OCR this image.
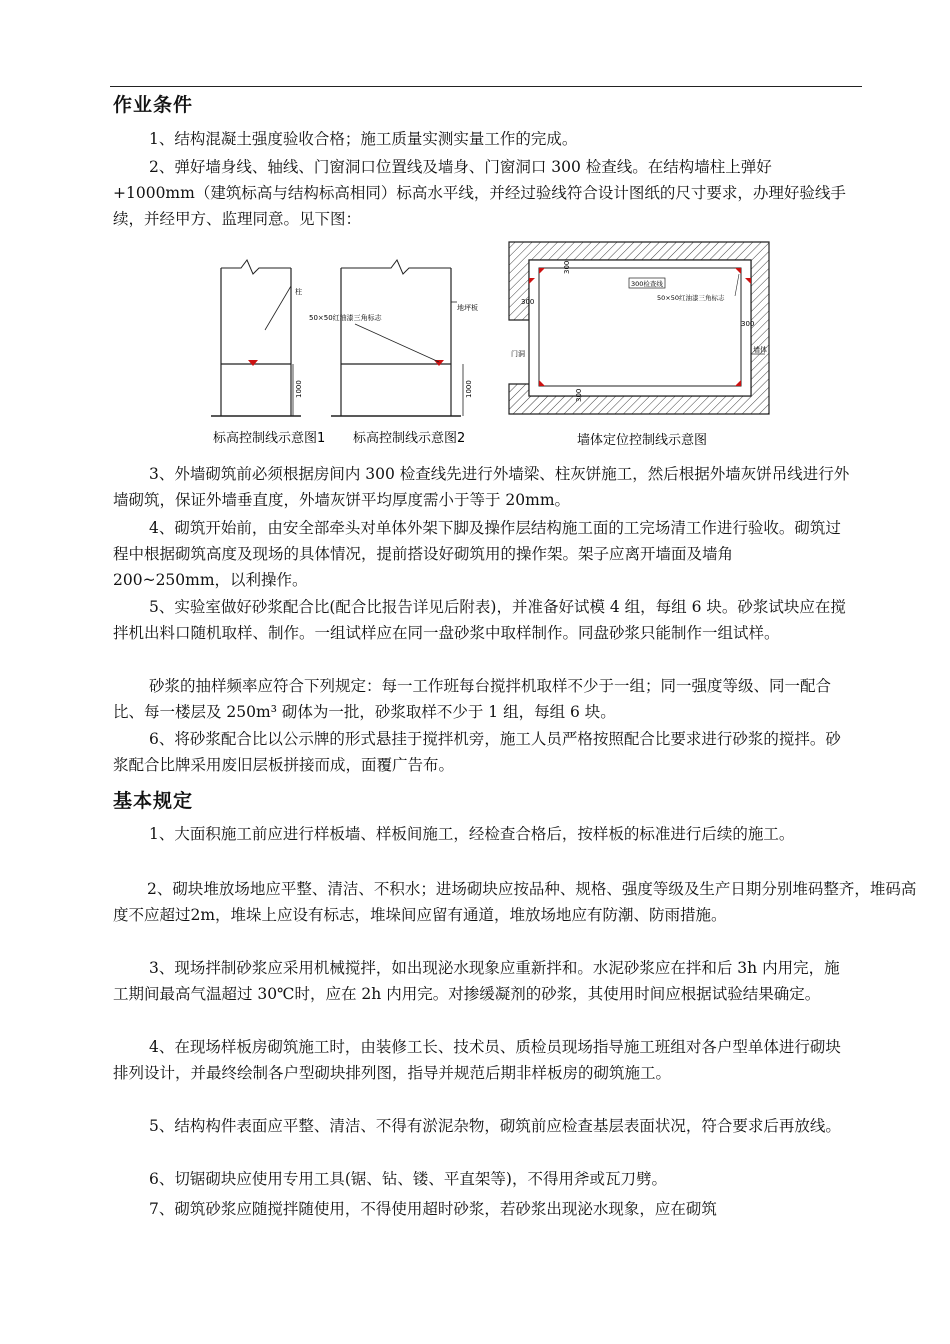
作业条件

1、结构混凝土强度验收合格；施工质量实测实量工作的完成。

2、弹好墙身线、轴线、门窗洞口位置线及墙身、门窗洞口 300 检查线。在结构墙柱上弹好+1000mm（建筑标高与结构标高相同）标高水平线，并经过验线符合设计图纸的尺寸要求，办理好验线手续，并经甲方、监理同意。见下图：

柱
1000
标高控制线示意图1
50×50红油漆三角标志
地坪板
1000
标高控制线示意图2
300
300
300
300
300检查线
50×50红油漆三角标志
门洞	墙体
墙体定位控制线示意图

3、外墙砌筑前必须根据房间内 300 检查线先进行外墙梁、柱灰饼施工，然后根据外墙灰饼吊线进行外墙砌筑，保证外墙垂直度，外墙灰饼平均厚度需小于等于 20mm。

4、砌筑开始前，由安全部牵头对单体外架下脚及操作层结构施工面的工完场清工作进行验收。砌筑过程中根据砌筑高度及现场的具体情况，提前搭设好砌筑用的操作架。架子应离开墙面及墙角 200~250mm，以利操作。

5、实验室做好砂浆配合比(配合比报告详见后附表)，并准备好试模 4 组，每组 6 块。砂浆试块应在搅拌机出料口随机取样、制作。一组试样应在同一盘砂浆中取样制作。同盘砂浆只能制作一组试样。

砂浆的抽样频率应符合下列规定：每一工作班每台搅拌机取样不少于一组；同一强度等级、同一配合比、每一楼层及 250m³ 砌体为一批，砂浆取样不少于 1 组，每组 6 块。

6、将砂浆配合比以公示牌的形式悬挂于搅拌机旁，施工人员严格按照配合比要求进行砂浆的搅拌。砂浆配合比牌采用废旧层板拼接而成，面覆广告布。

基本规定

1、大面积施工前应进行样板墙、样板间施工，经检查合格后，按样板的标准进行后续的施工。

2、砌块堆放场地应平整、清洁、不积水；进场砌块应按品种、规格、强度等级及生产日期分别堆码整齐，堆码高度不应超过2m，堆垛上应设有标志，堆垛间应留有通道，堆放场地应有防潮、防雨措施。

3、现场拌制砂浆应采用机械搅拌，如出现泌水现象应重新拌和。水泥砂浆应在拌和后 3h 内用完，施工期间最高气温超过 30℃时，应在 2h 内用完。对掺缓凝剂的砂浆，其使用时间应根据试验结果确定。

4、在现场样板房砌筑施工时，由装修工长、技术员、质检员现场指导施工班组对各户型单体进行砌块排列设计，并最终绘制各户型砌块排列图，指导并规范后期非样板房的砌筑施工。

5、结构构件表面应平整、清洁、不得有淤泥杂物，砌筑前应检查基层表面状况，符合要求后再放线。

6、切锯砌块应使用专用工具(锯、钻、镂、平直架等)，不得用斧或瓦刀劈。

7、砌筑砂浆应随搅拌随使用，不得使用超时砂浆，若砂浆出现泌水现象，应在砌筑
